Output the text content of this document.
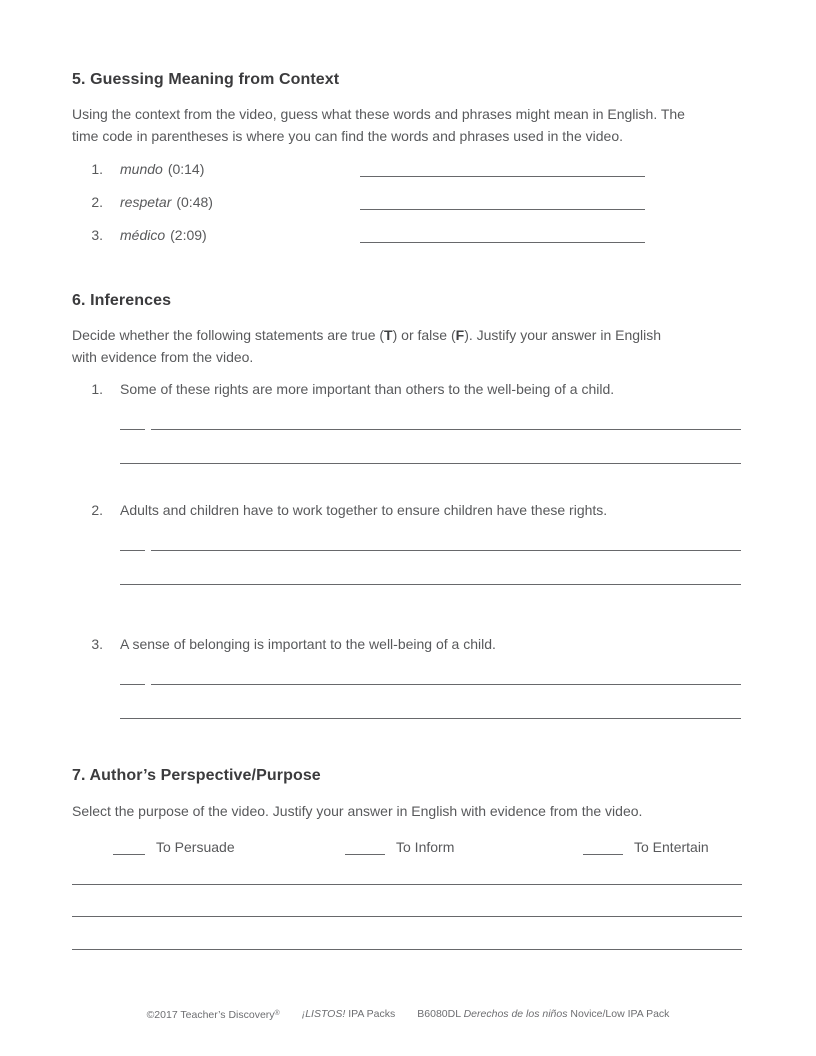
5. Guessing Meaning from Context
Using the context from the video, guess what these words and phrases might mean in English. The
time code in parentheses is where you can find the words and phrases used in the video.
1. mundo (0:14)
2. respetar (0:48)
3. médico (2:09)
6. Inferences
Decide whether the following statements are true (T) or false (F). Justify your answer in English
with evidence from the video.
1. Some of these rights are more important than others to the well-being of a child.
2. Adults and children have to work together to ensure children have these rights.
3. A sense of belonging is important to the well-being of a child.
7. Author’s Perspective/Purpose
Select the purpose of the video. Justify your answer in English with evidence from the video.
To Persuade	To Inform	To Entertain
©2017 Teacher’s Discovery® ¡LISTOS! IPA Packs B6080DL Derechos de los niños Novice/Low IPA Pack
